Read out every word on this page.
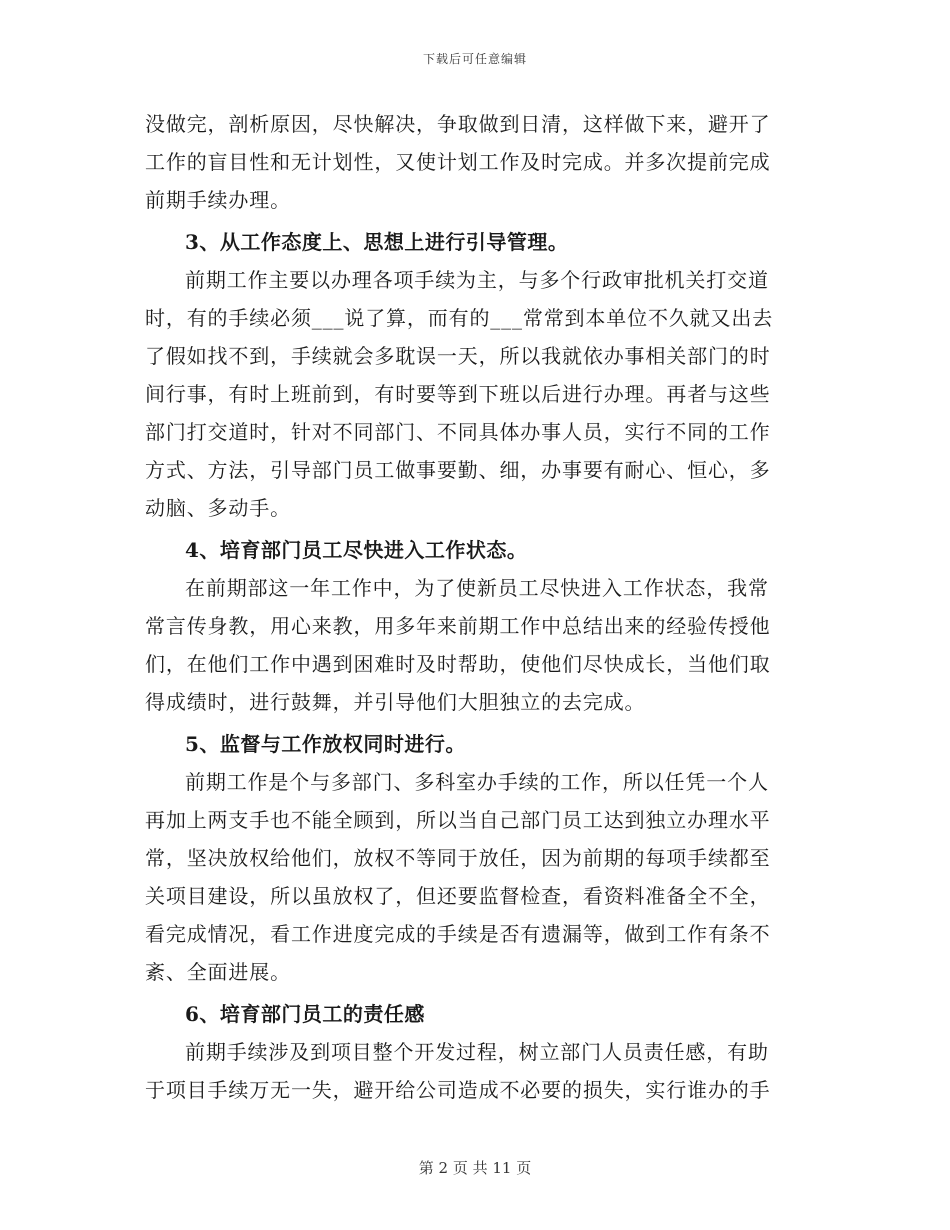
下载后可任意编辑
没做完，剖析原因，尽快解决，争取做到日清，这样做下来，避开了
工作的盲目性和无计划性，又使计划工作及时完成。并多次提前完成
前期手续办理。
3、从工作态度上、思想上进行引导管理。
前期工作主要以办理各项手续为主，与多个行政审批机关打交道
时，有的手续必须___说了算，而有的___常常到本单位不久就又出去
了假如找不到，手续就会多耽误一天，所以我就依办事相关部门的时
间行事，有时上班前到，有时要等到下班以后进行办理。再者与这些
部门打交道时，针对不同部门、不同具体办事人员，实行不同的工作
方式、方法，引导部门员工做事要勤、细，办事要有耐心、恒心，多
动脑、多动手。
4、培育部门员工尽快进入工作状态。
在前期部这一年工作中，为了使新员工尽快进入工作状态，我常
常言传身教，用心来教，用多年来前期工作中总结出来的经验传授他
们，在他们工作中遇到困难时及时帮助，使他们尽快成长，当他们取
得成绩时，进行鼓舞，并引导他们大胆独立的去完成。
5、监督与工作放权同时进行。
前期工作是个与多部门、多科室办手续的工作，所以任凭一个人
再加上两支手也不能全顾到，所以当自己部门员工达到独立办理水平
常，坚决放权给他们，放权不等同于放任，因为前期的每项手续都至
关项目建设，所以虽放权了，但还要监督检查，看资料准备全不全，
看完成情况，看工作进度完成的手续是否有遗漏等，做到工作有条不
紊、全面进展。
6、培育部门员工的责任感
前期手续涉及到项目整个开发过程，树立部门人员责任感，有助
于项目手续万无一失，避开给公司造成不必要的损失，实行谁办的手
第 2 页 共 11 页
